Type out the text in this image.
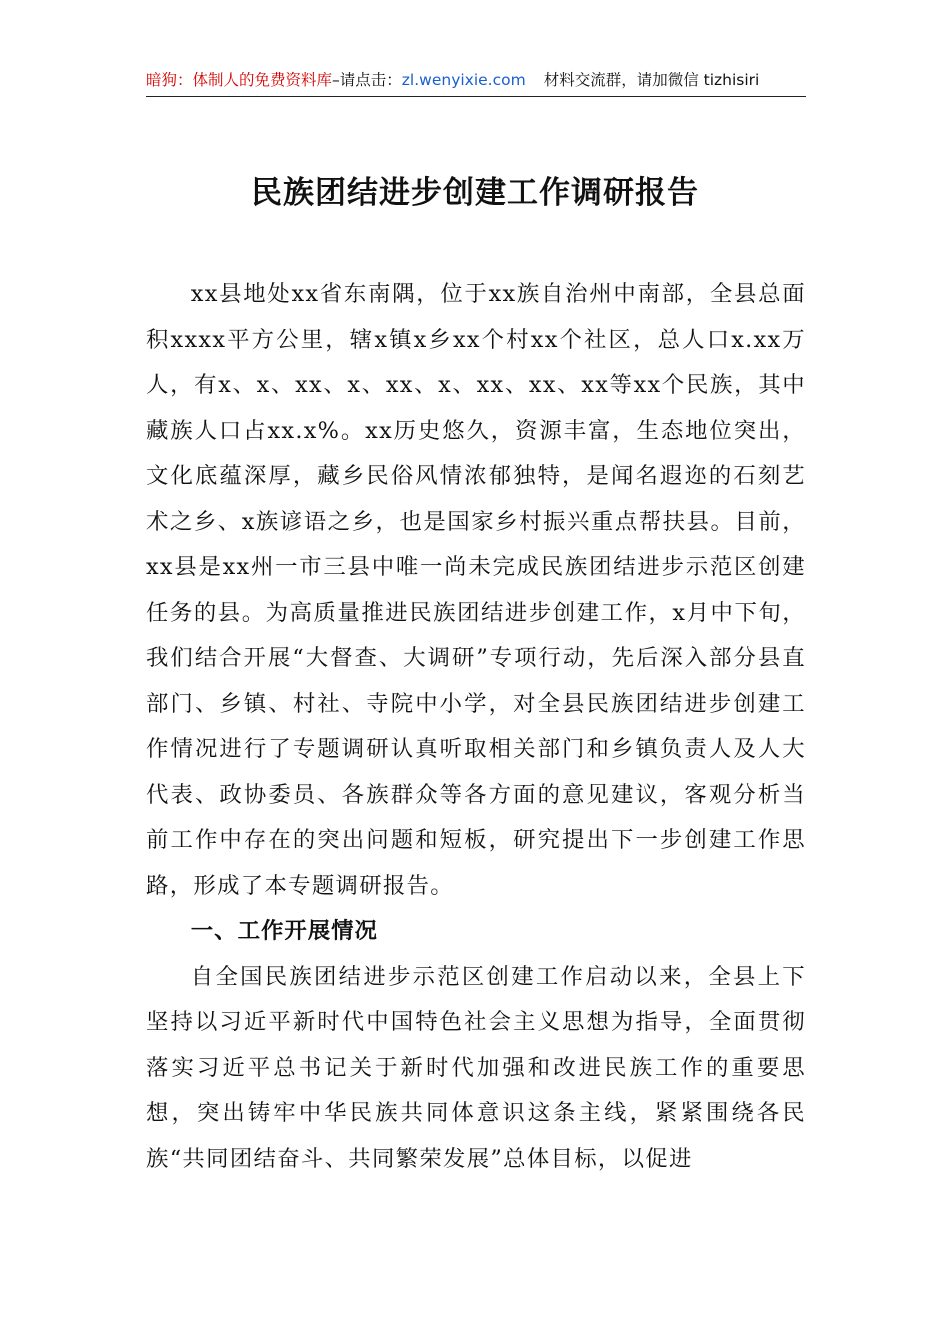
暗狗：体制人的免费资料库–请点击：zl.wenyixie.com 材料交流群，请加微信 tizhisiri
民族团结进步创建工作调研报告

xx县地处xx省东南隅，位于xx族自治州中南部，全县总面积xxxx平方公里，辖x镇x乡xx个村xx个社区，总人口x.xx万人，有x、x、xx、x、xx、x、xx、xx、xx等xx个民族，其中藏族人口占xx.x%。xx历史悠久，资源丰富，生态地位突出，文化底蕴深厚，藏乡民俗风情浓郁独特，是闻名遐迩的石刻艺术之乡、x族谚语之乡，也是国家乡村振兴重点帮扶县。目前，xx县是xx州一市三县中唯一尚未完成民族团结进步示范区创建任务的县。为高质量推进民族团结进步创建工作，x月中下旬，我们结合开展“大督查、大调研”专项行动，先后深入部分县直部门、乡镇、村社、寺院中小学，对全县民族团结进步创建工作情况进行了专题调研认真听取相关部门和乡镇负责人及人大代表、政协委员、各族群众等各方面的意见建议，客观分析当前工作中存在的突出问题和短板，研究提出下一步创建工作思路，形成了本专题调研报告。

一、工作开展情况

自全国民族团结进步示范区创建工作启动以来，全县上下坚持以习近平新时代中国特色社会主义思想为指导，全面贯彻落实习近平总书记关于新时代加强和改进民族工作的重要思想，突出铸牢中华民族共同体意识这条主线，紧紧围绕各民族“共同团结奋斗、共同繁荣发展”总体目标，以促进
